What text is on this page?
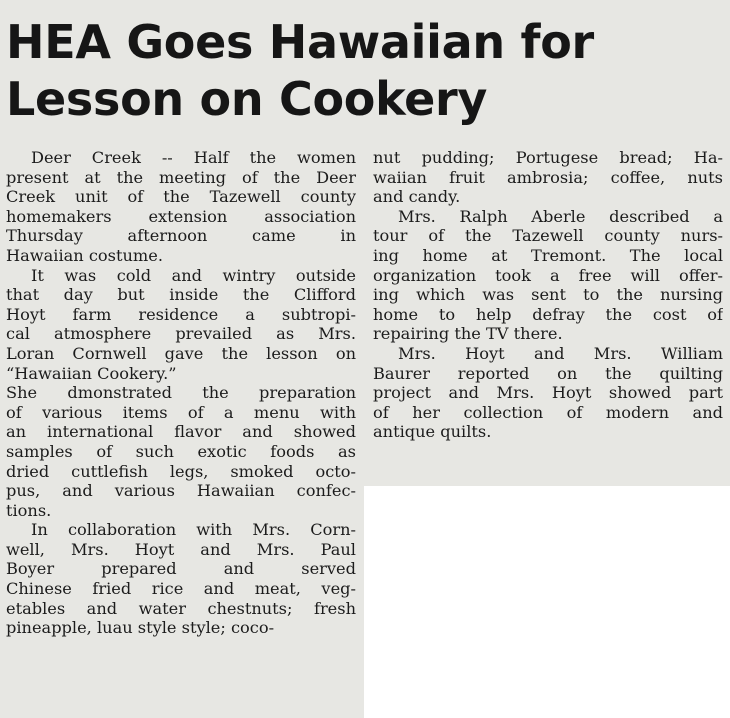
HEA Goes Hawaiian for
Lesson on Cookery
Deer Creek -- Half the women
present at the meeting of the Deer
Creek unit of the Tazewell county
homemakers extension association
Thursday afternoon came in
Hawaiian costume.
It was cold and wintry outside
that day but inside the Clifford
Hoyt farm residence a subtropi-
cal atmosphere prevailed as Mrs.
Loran Cornwell gave the lesson on
“Hawaiian Cookery.”
She dmonstrated the preparation
of various items of a menu with
an international flavor and showed
samples of such exotic foods as
dried cuttlefish legs, smoked octo-
pus, and various Hawaiian confec-
tions.
In collaboration with Mrs. Corn-
well, Mrs. Hoyt and Mrs. Paul
Boyer prepared and served
Chinese fried rice and meat, veg-
etables and water chestnuts; fresh
pineapple, luau style style; coco-
nut pudding; Portugese bread; Ha-
waiian fruit ambrosia; coffee, nuts
and candy.
Mrs. Ralph Aberle described a
tour of the Tazewell county nurs-
ing home at Tremont. The local
organization took a free will offer-
ing which was sent to the nursing
home to help defray the cost of
repairing the TV there.
Mrs. Hoyt and Mrs. William
Baurer reported on the quilting
project and Mrs. Hoyt showed part
of her collection of modern and
antique quilts.
